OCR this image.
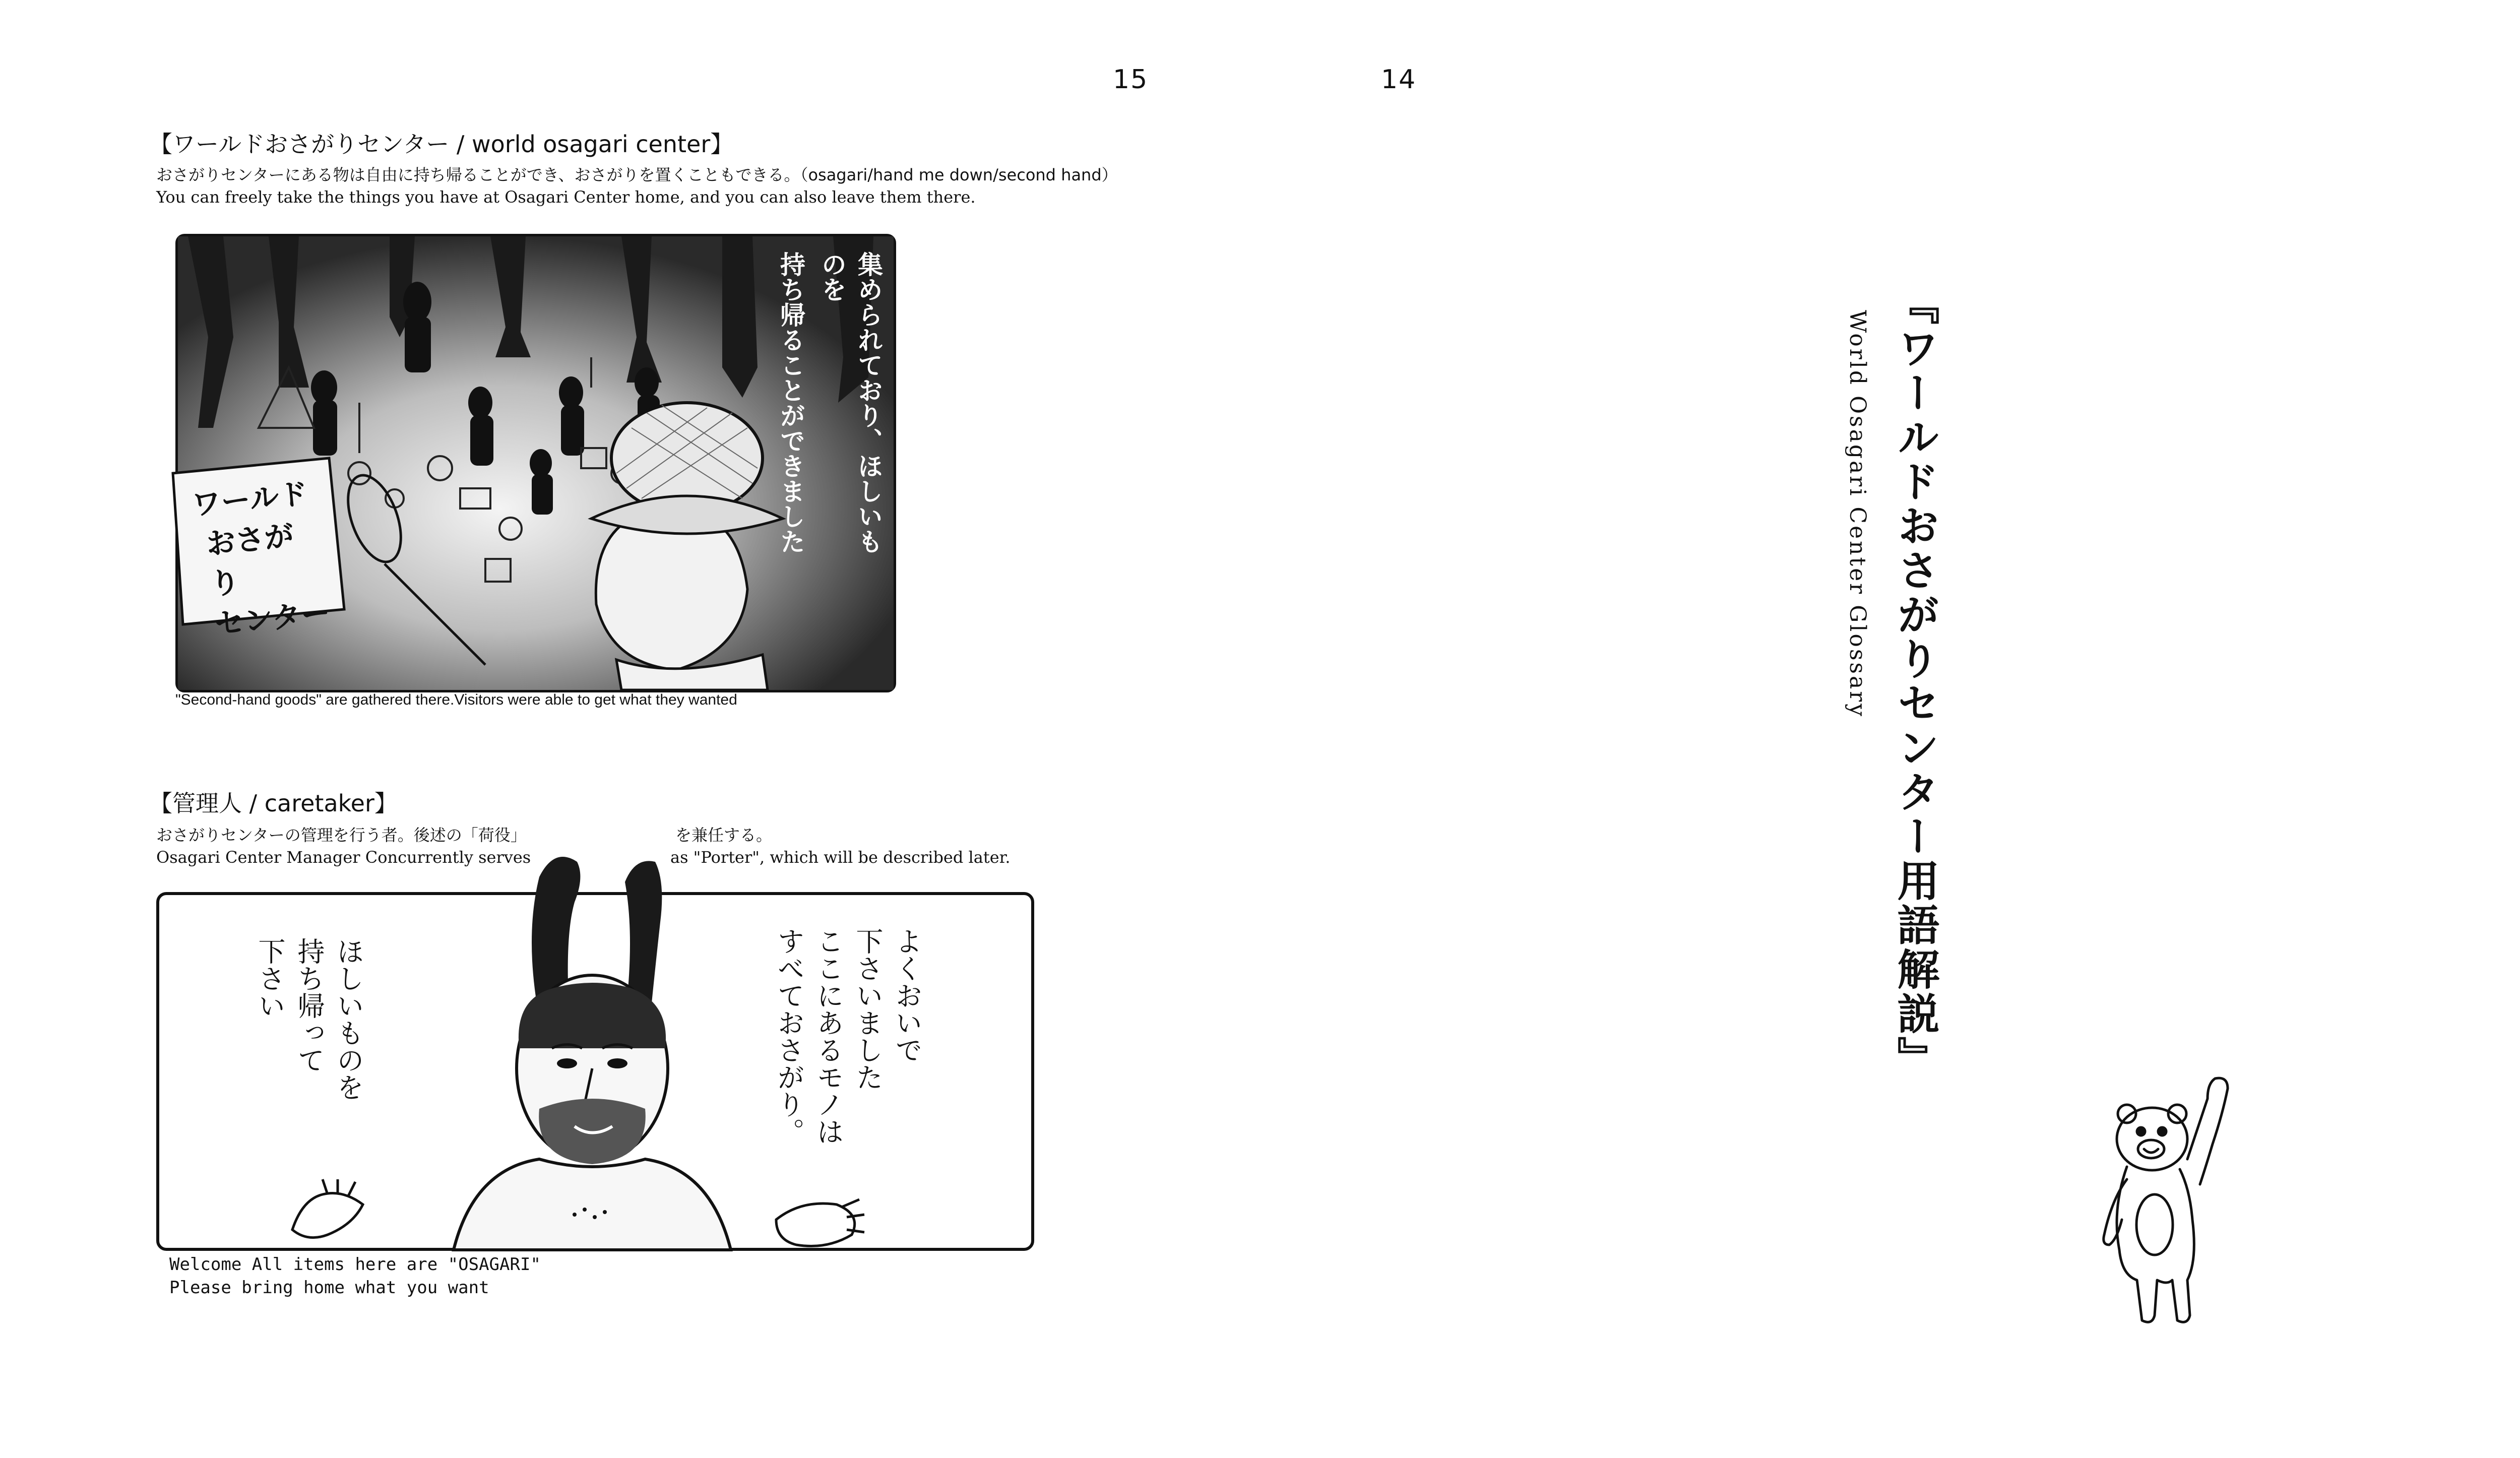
15	14
【ワールドおさがりセンター / world osagari center】
おさがりセンターにある物は自由に持ち帰ることができ、おさがりを置くこともできる。（osagari/hand me down/second hand）
You can freely take the things you have at Osagari Center home, and you can also leave them there.
ワールド
おさがり
センター
そこには「おさがり」が
集められており、ほしいものを
持ち帰ることができました
"Second-hand goods" are gathered there.Visitors were able to get what they wanted
【管理人 / caretaker】
おさがりセンターの管理を行う者。後述の「荷役」	を兼任する。
Osagari Center Manager Concurrently serves	as "Porter", which will be described later.
よくおいで
下さいました
ここにあるモノは
すべておさがり。
ほしいものを
持ち帰って
下さい
Welcome All items here are "OSAGARI"
Please bring home what you want
『ワールドおさがりセンター用語解説』
World Osagari Center Glossary
